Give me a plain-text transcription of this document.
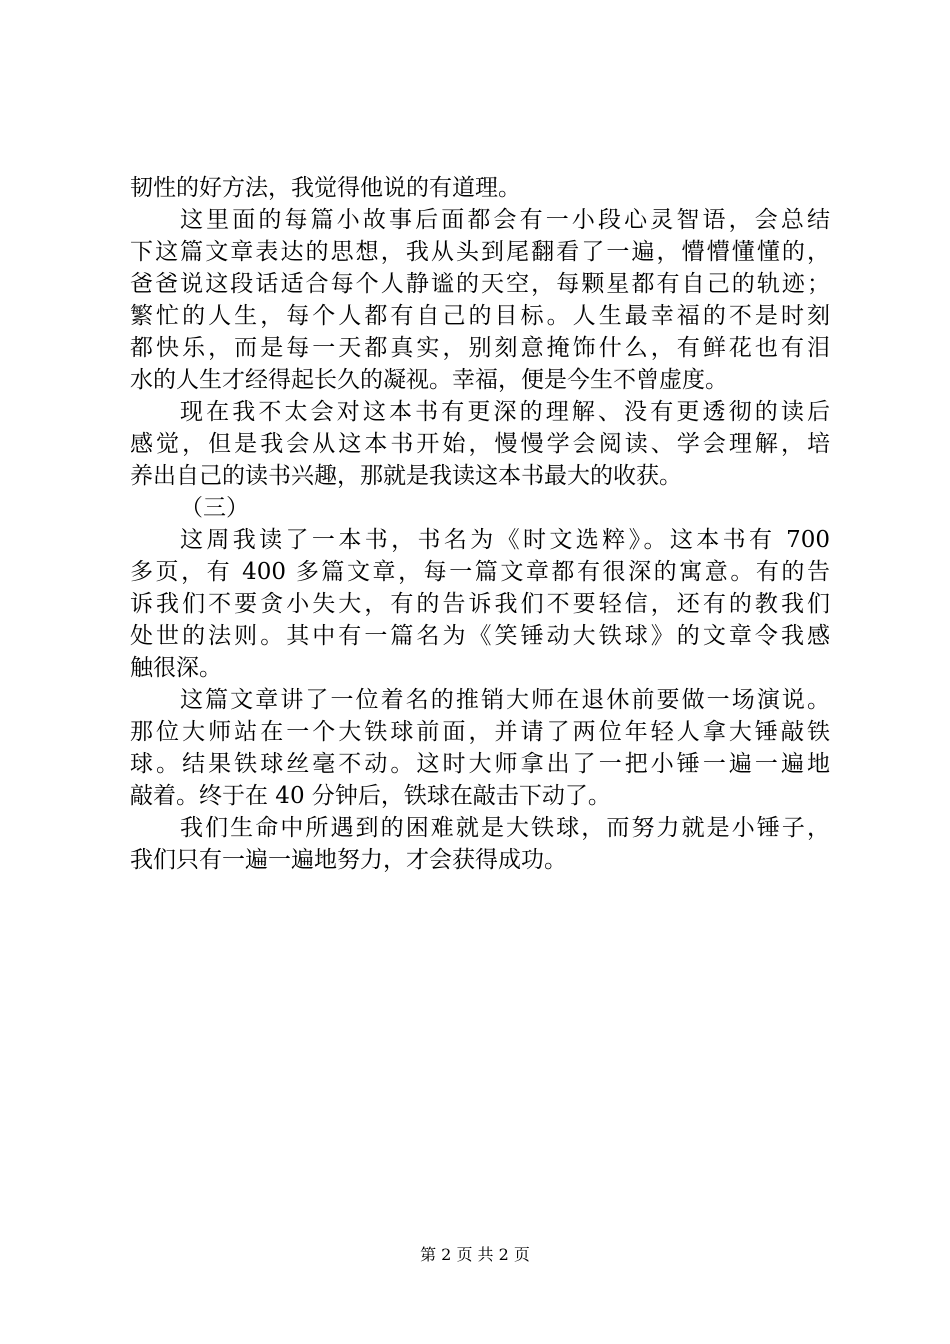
韧性的好方法，我觉得他说的有道理。
这里面的每篇小故事后面都会有一小段心灵智语，会总结
下这篇文章表达的思想，我从头到尾翻看了一遍，懵懵懂懂的，
爸爸说这段话适合每个人静谧的天空，每颗星都有自己的轨迹；
繁忙的人生，每个人都有自己的目标。人生最幸福的不是时刻
都快乐，而是每一天都真实，别刻意掩饰什么，有鲜花也有泪
水的人生才经得起长久的凝视。幸福，便是今生不曾虚度。
现在我不太会对这本书有更深的理解、没有更透彻的读后
感觉，但是我会从这本书开始，慢慢学会阅读、学会理解，培
养出自己的读书兴趣，那就是我读这本书最大的收获。
（三）
这周我读了一本书，书名为《时文选粹》。这本书有 700
多页，有 400 多篇文章，每一篇文章都有很深的寓意。有的告
诉我们不要贪小失大，有的告诉我们不要轻信，还有的教我们
处世的法则。其中有一篇名为《笑锤动大铁球》的文章令我感
触很深。
这篇文章讲了一位着名的推销大师在退休前要做一场演说。
那位大师站在一个大铁球前面，并请了两位年轻人拿大锤敲铁
球。结果铁球丝毫不动。这时大师拿出了一把小锤一遍一遍地
敲着。终于在 40 分钟后，铁球在敲击下动了。
我们生命中所遇到的困难就是大铁球，而努力就是小锤子，
我们只有一遍一遍地努力，才会获得成功。
第 2 页 共 2 页
